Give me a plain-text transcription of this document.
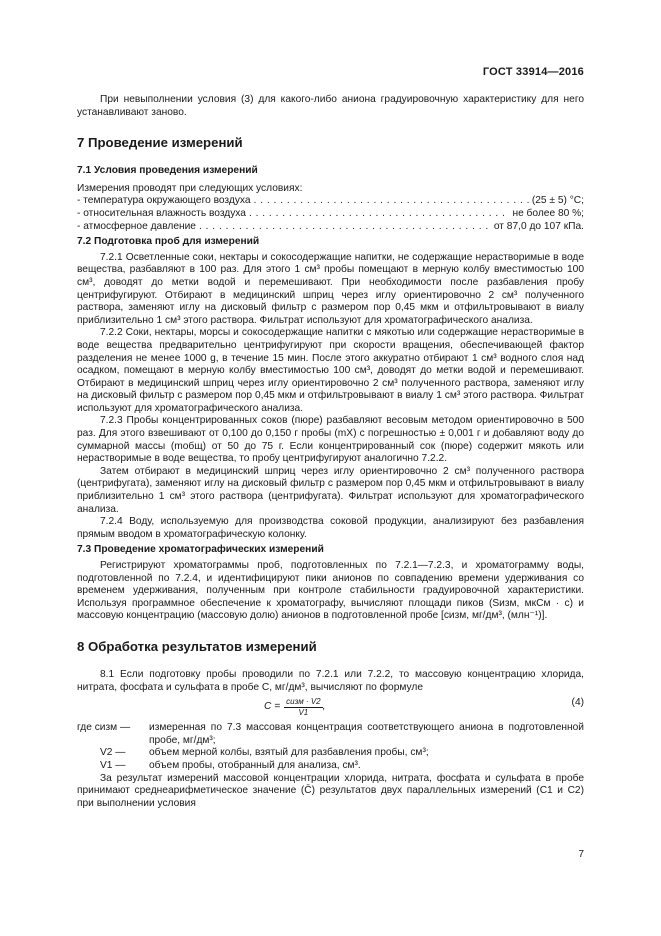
ГОСТ 33914—2016

При невыполнении условия (3) для какого-либо аниона градуировочную характеристику для него устанавливают заново.

7 Проведение измерений
7.1 Условия проведения измерений

Измерения проводят при следующих условиях:

- температура окружающего воздуха . . .	(25 ± 5) °С;
- относительная влажность воздуха . . .	не более 80 %;
- атмосферное давление . . .	от 87,0 до 107 кПа.
7.2 Подготовка проб для измерений

7.2.1 Осветленные соки, нектары и сокосодержащие напитки, не содержащие нерастворимые в воде вещества, разбавляют в 100 раз. Для этого 1 см³ пробы помещают в мерную колбу вместимостью 100 см³, доводят до метки водой и перемешивают. При необходимости после разбавления пробу центрифугируют. Отбирают в медицинский шприц через иглу ориентировочно 2 см³ полученного раствора, заменяют иглу на дисковый фильтр с размером пор 0,45 мкм и отфильтровывают в виалу приблизительно 1 см³ этого раствора. Фильтрат используют для хроматографического анализа.

7.2.2 Соки, нектары, морсы и сокосодержащие напитки с мякотью или содержащие нерастворимые в воде вещества предварительно центрифугируют при скорости вращения, обеспечивающей фактор разделения не менее 1000 g, в течение 15 мин. После этого аккуратно отбирают 1 см³ водного слоя над осадком, помещают в мерную колбу вместимостью 100 см³, доводят до метки водой и перемешивают. Отбирают в медицинский шприц через иглу ориентировочно 2 см³ полученного раствора, заменяют иглу на дисковый фильтр с размером пор 0,45 мкм и отфильтровывают в виалу 1 см³ этого раствора. Фильтрат используют для хроматографического анализа.

7.2.3 Пробы концентрированных соков (пюре) разбавляют весовым методом ориентировочно в 500 раз. Для этого взвешивают от 0,100 до 0,150 г пробы (mX) с погрешностью ± 0,001 г и добавляют воду до суммарной массы (mобщ) от 50 до 75 г. Если концентрированный сок (пюре) содержит мякоть или нерастворимые в воде вещества, то пробу центрифугируют аналогично 7.2.2.

Затем отбирают в медицинский шприц через иглу ориентировочно 2 см³ полученного раствора (центрифугата), заменяют иглу на дисковый фильтр с размером пор 0,45 мкм и отфильтровывают в виалу приблизительно 1 см³ этого раствора (центрифугата). Фильтрат используют для хроматографического анализа.

7.2.4 Воду, используемую для производства соковой продукции, анализируют без разбавления прямым вводом в хроматографическую колонку.

7.3 Проведение хроматографических измерений

Регистрируют хроматограммы проб, подготовленных по 7.2.1—7.2.3, и хроматограмму воды, подготовленной по 7.2.4, и идентифицируют пики анионов по совпадению времени удерживания со временем удерживания, полученным при контроле стабильности градуировочной характеристики. Используя программное обеспечение к хроматографу, вычисляют площади пиков (Sизм, мкСм · с) и массовую концентрацию (массовую долю) анионов в подготовленной пробе [cизм, мг/дм³, (млн⁻¹)].

8 Обработка результатов измерений

8.1 Если подготовку пробы проводили по 7.2.1 или 7.2.2, то массовую концентрацию хлорида, нитрата, фосфата и сульфата в пробе C, мг/дм³, вычисляют по формуле

$C = \frac{\text{cизм · V2}}{V1}$ ,	(4)
где cизм —	измеренная по 7.3 массовая концентрация соответствующего аниона в подготовленной пробе, мг/дм³;
V2 —	объем мерной колбы, взятый для разбавления пробы, см³;
V1 —	объем пробы, отобранный для анализа, см³.

За результат измерений массовой концентрации хлорида, нитрата, фосфата и сульфата в пробе принимают среднеарифметическое значение (C̄) результатов двух параллельных измерений (C1 и C2) при выполнении условия

7
